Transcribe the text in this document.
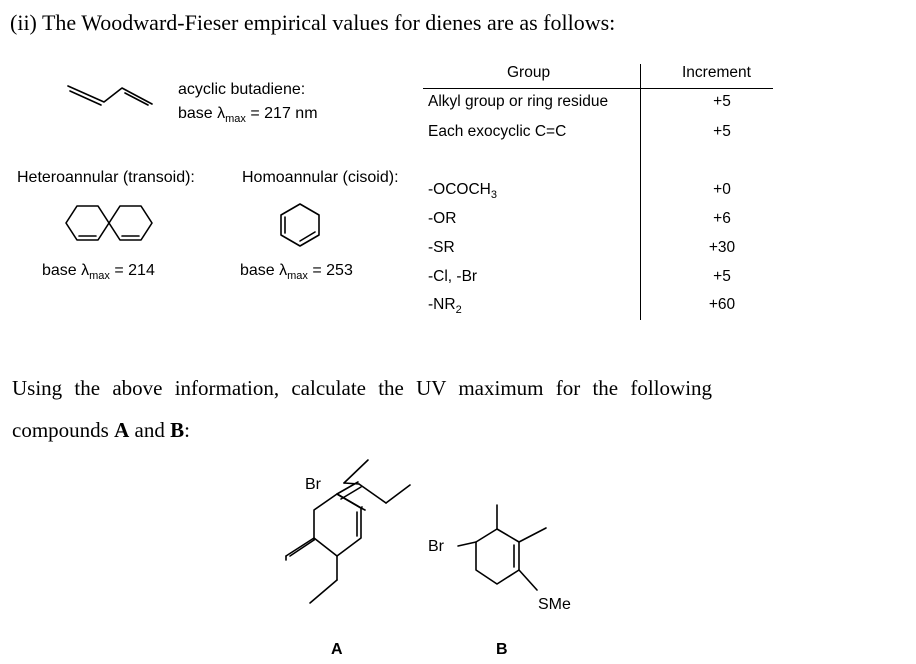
(ii) The Woodward-Fieser empirical values for dienes are as follows:
acyclic butadiene:
base $\lambda_{max} = 217$ nm
Heteroannular (transoid):	Homoannular (cisoid):
base $\lambda_{max} = 214$	base $\lambda_{max} = 253$
Group	Increment
Alkyl group or ring residue	+5
Each exocyclic C=C	+5
$-OCOCH_3$	+0
-OR	+6
-SR	+30
-Cl, -Br	+5
$-NR_2$	+60
Using the above information, calculate the UV maximum for the following
compounds A and B:
Br
Br
SMe
A	B
